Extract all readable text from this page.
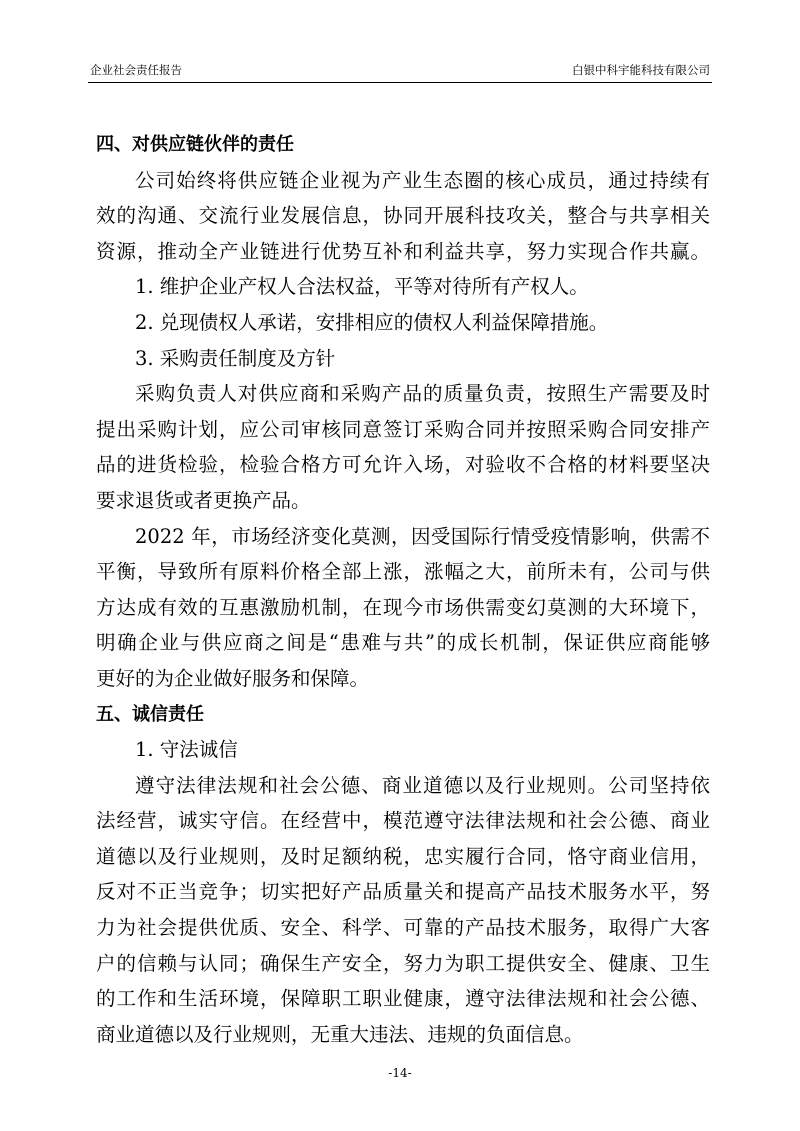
企业社会责任报告	白银中科宇能科技有限公司
四、对供应链伙伴的责任
公司始终将供应链企业视为产业生态圈的核心成员，通过持续有
效的沟通、交流行业发展信息，协同开展科技攻关，整合与共享相关
资源，推动全产业链进行优势互补和利益共享，努力实现合作共赢。
1. 维护企业产权人合法权益，平等对待所有产权人。
2. 兑现债权人承诺，安排相应的债权人利益保障措施。
3. 采购责任制度及方针
采购负责人对供应商和采购产品的质量负责，按照生产需要及时
提出采购计划，应公司审核同意签订采购合同并按照采购合同安排产
品的进货检验，检验合格方可允许入场，对验收不合格的材料要坚决
要求退货或者更换产品。
2022 年，市场经济变化莫测，因受国际行情受疫情影响，供需不
平衡，导致所有原料价格全部上涨，涨幅之大，前所未有，公司与供
方达成有效的互惠激励机制，在现今市场供需变幻莫测的大环境下，
明确企业与供应商之间是“患难与共”的成长机制，保证供应商能够
更好的为企业做好服务和保障。
五、诚信责任
1. 守法诚信
遵守法律法规和社会公德、商业道德以及行业规则。公司坚持依
法经营，诚实守信。在经营中，模范遵守法律法规和社会公德、商业
道德以及行业规则，及时足额纳税，忠实履行合同，恪守商业信用，
反对不正当竞争；切实把好产品质量关和提高产品技术服务水平，努
力为社会提供优质、安全、科学、可靠的产品技术服务，取得广大客
户的信赖与认同；确保生产安全，努力为职工提供安全、健康、卫生
的工作和生活环境，保障职工职业健康，遵守法律法规和社会公德、
商业道德以及行业规则，无重大违法、违规的负面信息。
-14-
